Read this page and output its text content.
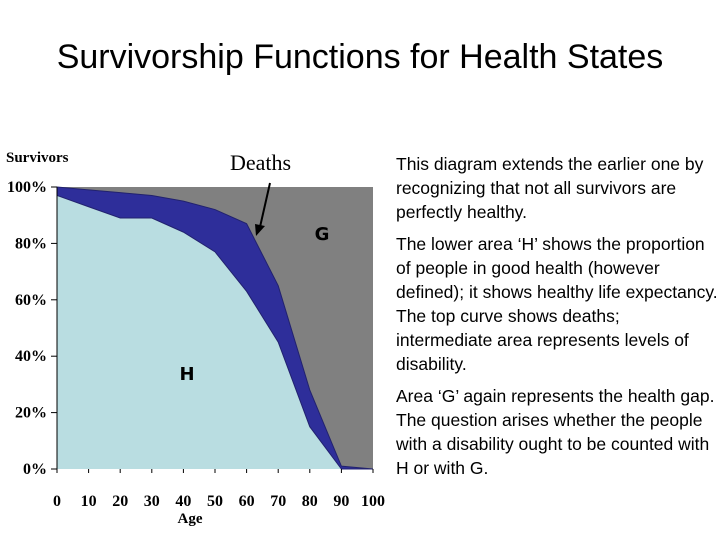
Survivorship Functions for Health States
Survivors	Deaths
0%
20%
40%
60%
80%
100%
0 10 20 30 40 50 60 70 80 90 100
Age
G
H

This diagram extends the earlier one by recognizing that not all survivors are perfectly healthy.

The lower area ‘H’ shows the proportion of people in good health (however defined); it shows healthy life expectancy. The top curve shows deaths; intermediate area represents levels of disability.

Area ‘G’ again represents the health gap. The question arises whether the people with a disability ought to be counted with H or with G.
